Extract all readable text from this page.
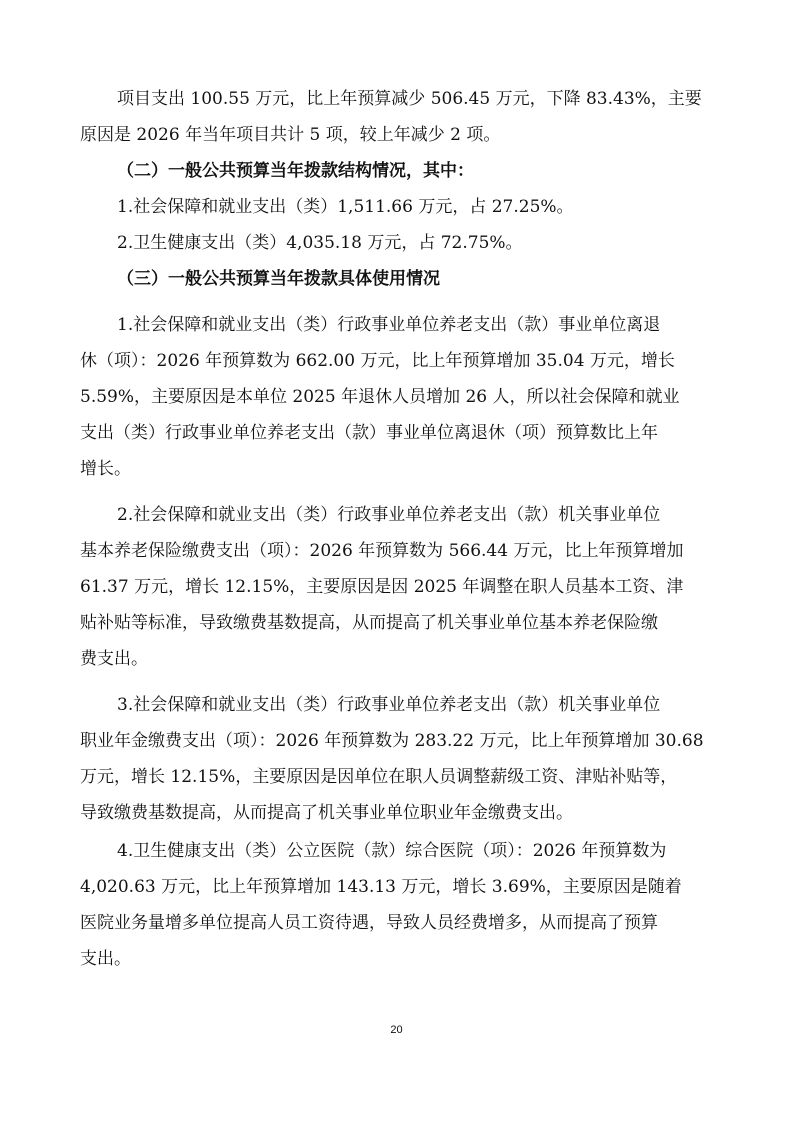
项目支出 100.55 万元，比上年预算减少 506.45 万元，下降 83.43%，主要
原因是 2026 年当年项目共计 5 项，较上年减少 2 项。
（二）一般公共预算当年拨款结构情况，其中：
1.社会保障和就业支出（类）1,511.66 万元，占 27.25%。
2.卫生健康支出（类）4,035.18 万元，占 72.75%。
（三）一般公共预算当年拨款具体使用情况
1.社会保障和就业支出（类）行政事业单位养老支出（款）事业单位离退
休（项）：2026 年预算数为 662.00 万元，比上年预算增加 35.04 万元，增长
5.59%，主要原因是本单位 2025 年退休人员增加 26 人，所以社会保障和就业
支出（类）行政事业单位养老支出（款）事业单位离退休（项）预算数比上年
增长。
2.社会保障和就业支出（类）行政事业单位养老支出（款）机关事业单位
基本养老保险缴费支出（项）：2026 年预算数为 566.44 万元，比上年预算增加
61.37 万元，增长 12.15%，主要原因是因 2025 年调整在职人员基本工资、津
贴补贴等标准，导致缴费基数提高，从而提高了机关事业单位基本养老保险缴
费支出。
3.社会保障和就业支出（类）行政事业单位养老支出（款）机关事业单位
职业年金缴费支出（项）：2026 年预算数为 283.22 万元，比上年预算增加 30.68
万元，增长 12.15%，主要原因是因单位在职人员调整薪级工资、津贴补贴等，
导致缴费基数提高，从而提高了机关事业单位职业年金缴费支出。
4.卫生健康支出（类）公立医院（款）综合医院（项）：2026 年预算数为
4,020.63 万元，比上年预算增加 143.13 万元，增长 3.69%，主要原因是随着
医院业务量增多单位提高人员工资待遇，导致人员经费增多，从而提高了预算
支出。
20
